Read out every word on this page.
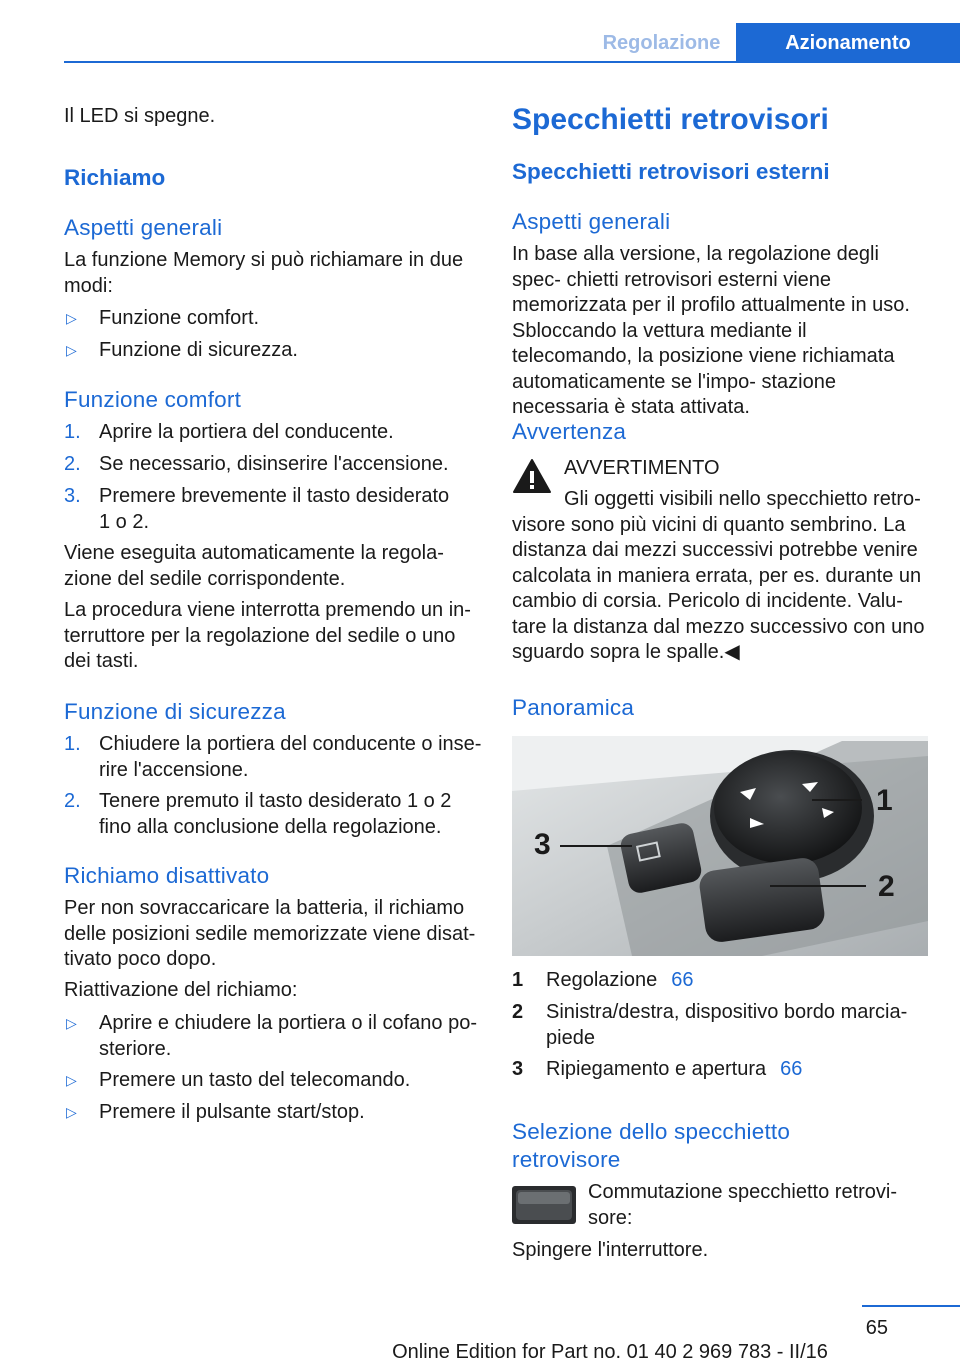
Regolazione	Azionamento
Il LED si spegne.
Richiamo
Aspetti generali
La funzione Memory si può richiamare in due modi:
▷ Funzione comfort.
▷ Funzione di sicurezza.
Funzione comfort
1. Aprire la portiera del conducente.
2. Se necessario, disinserire l'accensione.
3. Premere brevemente il tasto desiderato 1 o 2.
Viene eseguita automaticamente la regola‐ zione del sedile corrispondente.
La procedura viene interrotta premendo un in‐ terruttore per la regolazione del sedile o uno dei tasti.
Funzione di sicurezza
1. Chiudere la portiera del conducente o inse‐ rire l'accensione.
2. Tenere premuto il tasto desiderato 1 o 2 fino alla conclusione della regolazione.
Richiamo disattivato
Per non sovraccaricare la batteria, il richiamo delle posizioni sedile memorizzate viene disat‐ tivato poco dopo.
Riattivazione del richiamo:
▷ Aprire e chiudere la portiera o il cofano po‐ steriore.
▷ Premere un tasto del telecomando.
▷ Premere il pulsante start/stop.
Specchietti retrovisori
Specchietti retrovisori esterni
Aspetti generali
In base alla versione, la regolazione degli spec‐ chietti retrovisori esterni viene memorizzata per il profilo attualmente in uso. Sbloccando la vettura mediante il telecomando, la posizione viene richiamata automaticamente se l'impo‐ stazione necessaria è stata attivata.
Avvertenza
AVVERTIMENTO
Gli oggetti visibili nello specchietto retro‐ visore sono più vicini di quanto sembrino. La distanza dai mezzi successivi potrebbe venire calcolata in maniera errata, per es. durante un cambio di corsia. Pericolo di incidente. Valu‐ tare la distanza dal mezzo successivo con uno sguardo sopra le spalle.◀
Panoramica
1
2
3
1 Regolazione 66
2 Sinistra/destra, dispositivo bordo marcia‐ piede
3 Ripiegamento e apertura 66
Selezione dello specchietto retrovisore
Commutazione specchietto retrovi‐ sore:
Spingere l'interruttore.
65
Online Edition for Part no. 01 40 2 969 783 - II/16
